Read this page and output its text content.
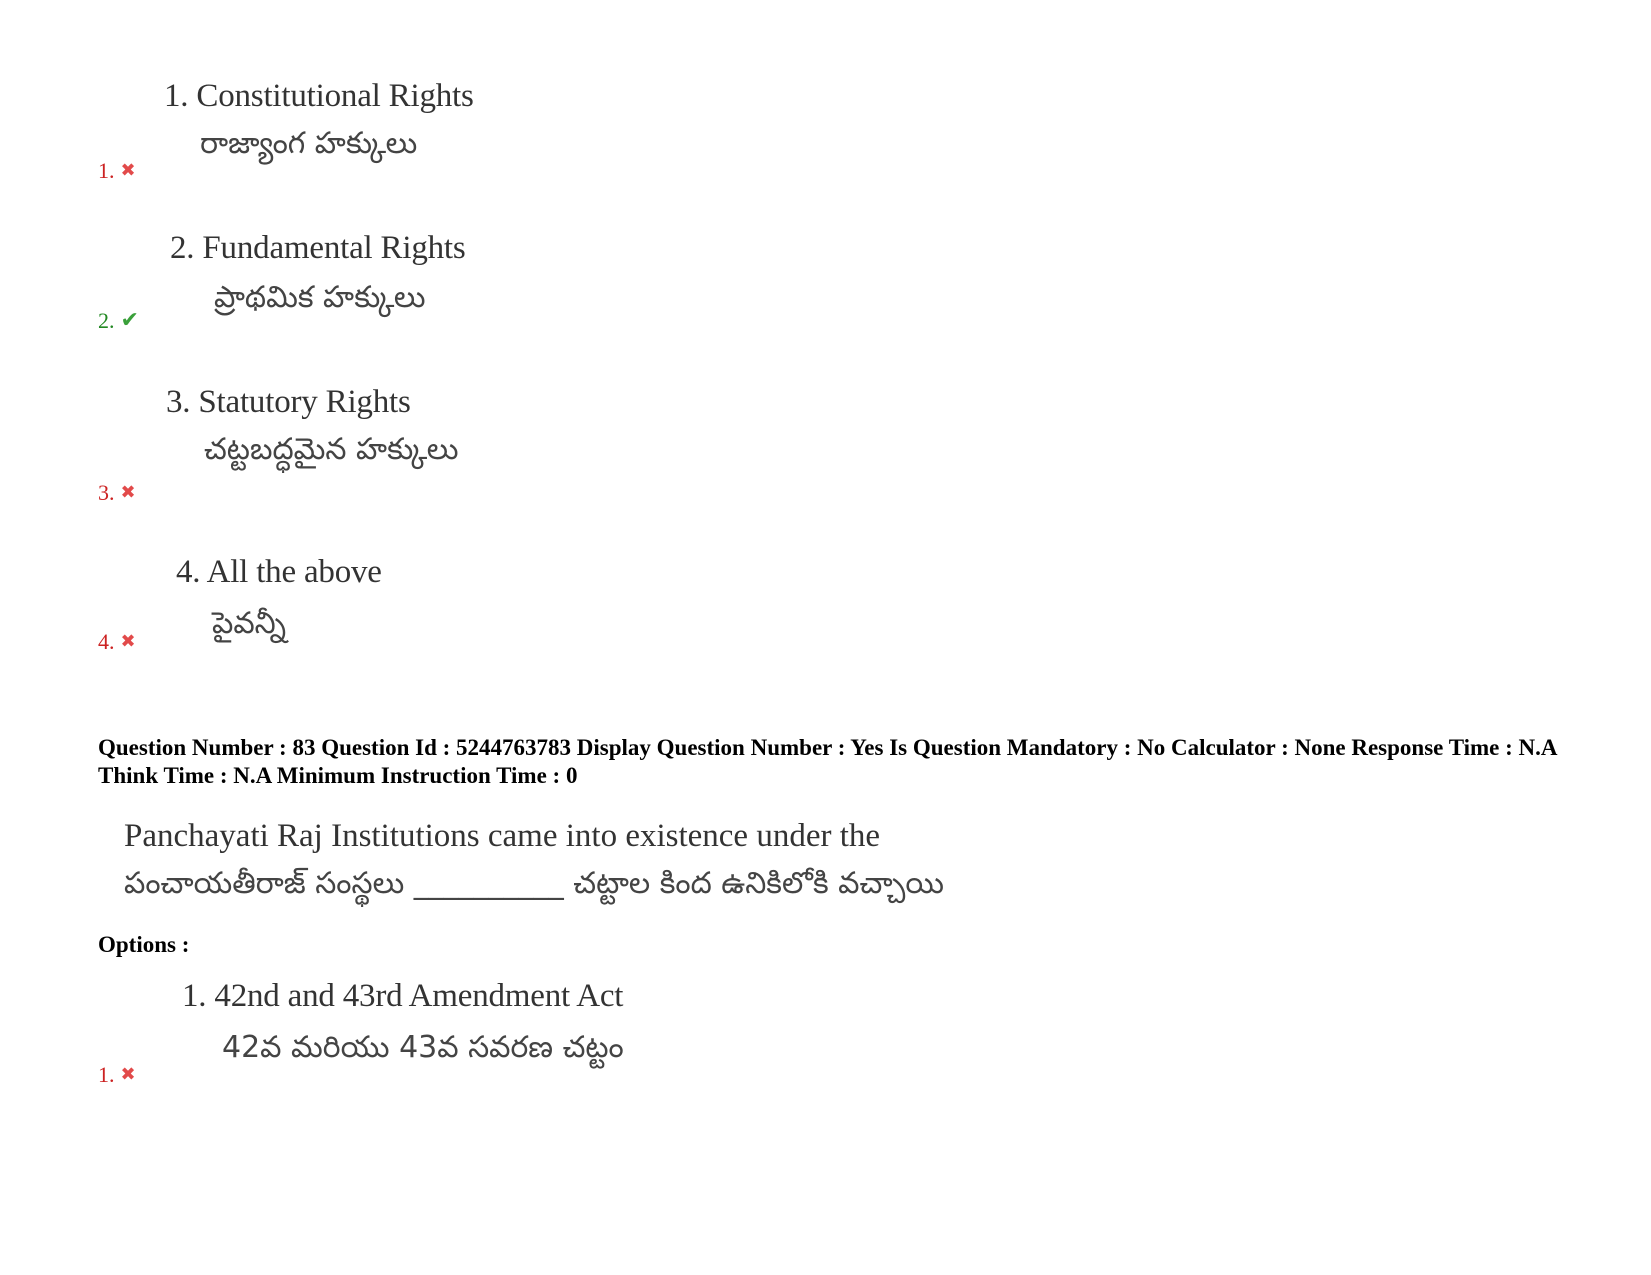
1. Constitutional Rights
రాజ్యాంగ హక్కులు
1. ✖
2. Fundamental Rights
ప్రాథమిక హక్కులు
2. ✔
3. Statutory Rights
చట్టబద్ధమైన హక్కులు
3. ✖
4. All the above
పైవన్నీ
4. ✖
Question Number : 83 Question Id : 5244763783 Display Question Number : Yes Is Question Mandatory : No Calculator : None Response Time : N.A Think Time : N.A Minimum Instruction Time : 0
Panchayati Raj Institutions came into existence under the
పంచాయతీరాజ్ సంస్థలు __________ చట్టాల కింద ఉనికిలోకి వచ్చాయి
Options :
1. 42nd and 43rd Amendment Act
42వ మరియు 43వ సవరణ చట్టం
1. ✖
